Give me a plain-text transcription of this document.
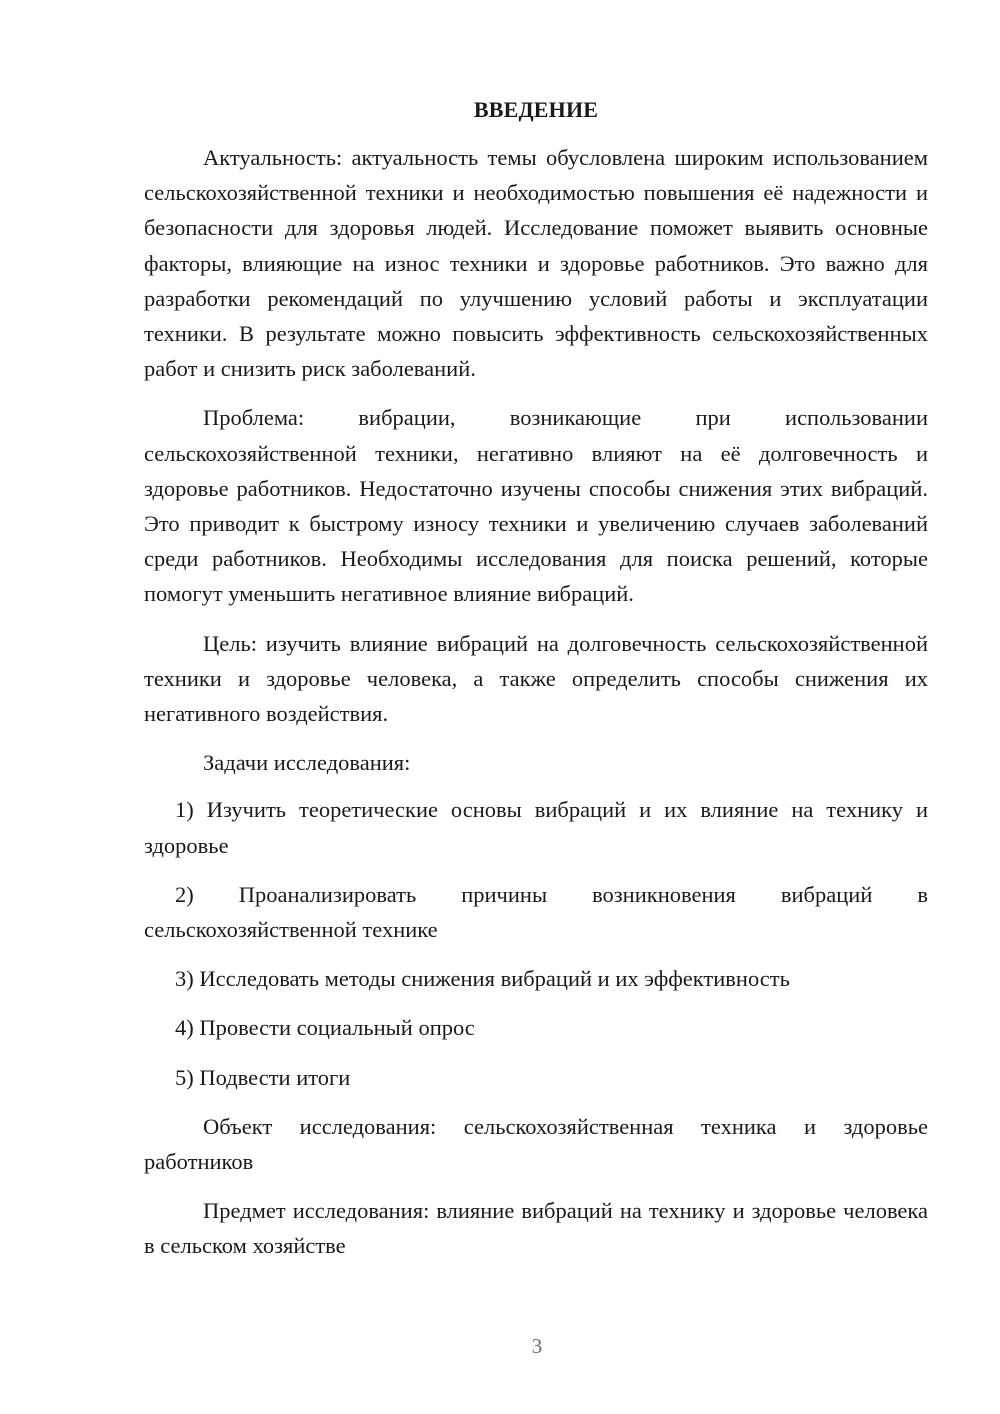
ВВЕДЕНИЕ

Актуальность: актуальность темы обусловлена широким использованием сельскохозяйственной техники и необходимостью повышения её надежности и безопасности для здоровья людей. Исследование поможет выявить основные факторы, влияющие на износ техники и здоровье работников. Это важно для разработки рекомендаций по улучшению условий работы и эксплуатации техники. В результате можно повысить эффективность сельскохозяйственных работ и снизить риск заболеваний.

Проблема: вибрации, возникающие при использовании сельскохозяйственной техники, негативно влияют на её долговечность и здоровье работников. Недостаточно изучены способы снижения этих вибраций. Это приводит к быстрому износу техники и увеличению случаев заболеваний среди работников. Необходимы исследования для поиска решений, которые помогут уменьшить негативное влияние вибраций.

Цель: изучить влияние вибраций на долговечность сельскохозяйственной техники и здоровье человека, а также определить способы снижения их негативного воздействия.

Задачи исследования:

1) Изучить теоретические основы вибраций и их влияние на технику и здоровье

2) Проанализировать причины возникновения вибраций в сельскохозяйственной технике

3) Исследовать методы снижения вибраций и их эффективность

4) Провести социальный опрос

5) Подвести итоги

Объект исследования: сельскохозяйственная техника и здоровье работников

Предмет исследования: влияние вибраций на технику и здоровье человека в сельском хозяйстве

3
